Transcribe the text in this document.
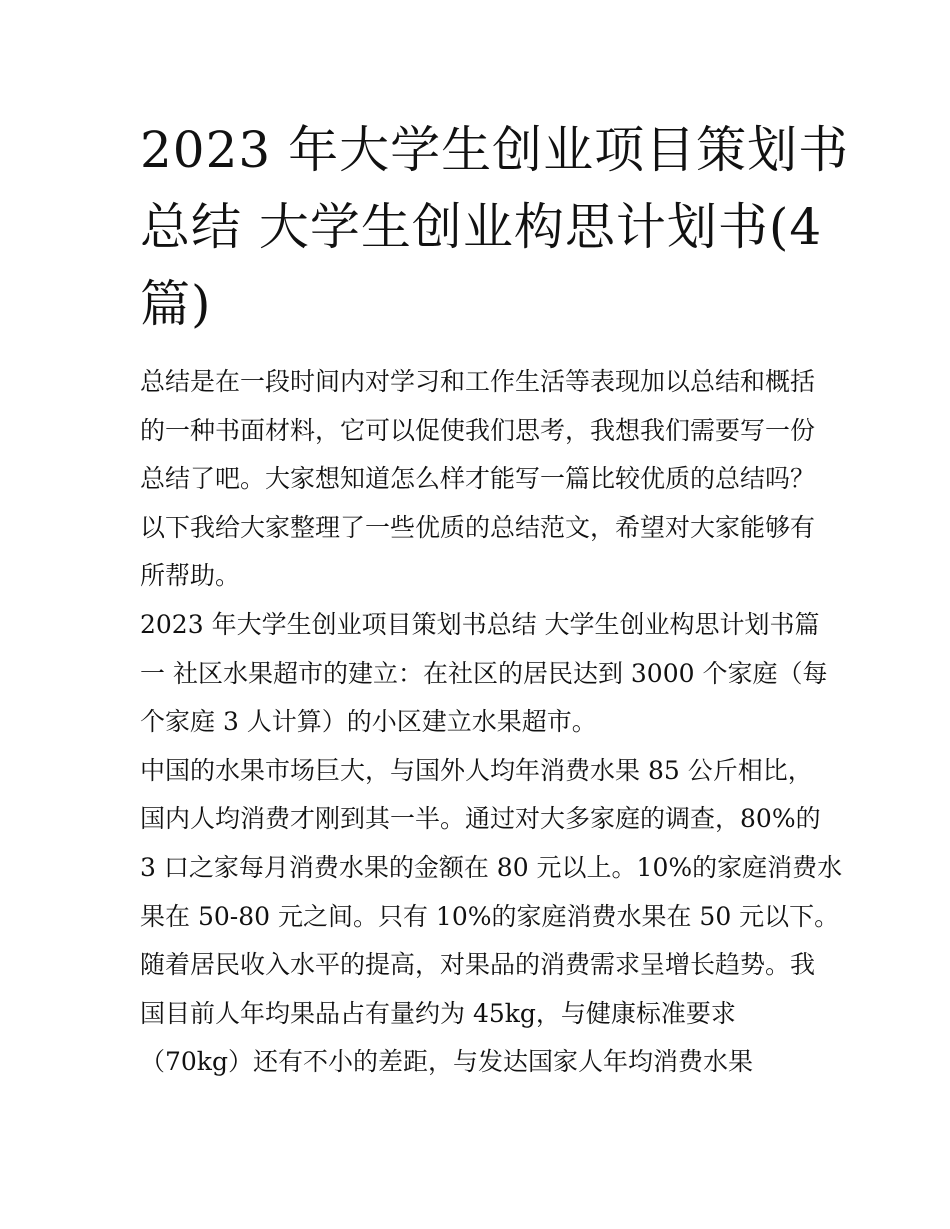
2023 年大学生创业项目策划书
总结 大学生创业构思计划书(4
篇)
总结是在一段时间内对学习和工作生活等表现加以总结和概括
的一种书面材料，它可以促使我们思考，我想我们需要写一份
总结了吧。大家想知道怎么样才能写一篇比较优质的总结吗？
以下我给大家整理了一些优质的总结范文，希望对大家能够有
所帮助。
2023 年大学生创业项目策划书总结 大学生创业构思计划书篇
一 社区水果超市的建立：在社区的居民达到 3000 个家庭（每
个家庭 3 人计算）的小区建立水果超市。
中国的水果市场巨大，与国外人均年消费水果 85 公斤相比，
国内人均消费才刚到其一半。通过对大多家庭的调查，80%的
3 口之家每月消费水果的金额在 80 元以上。10%的家庭消费水
果在 50-80 元之间。只有 10%的家庭消费水果在 50 元以下。
随着居民收入水平的提高，对果品的消费需求呈增长趋势。我
国目前人年均果品占有量约为 45kg，与健康标准要求
（70kg）还有不小的差距，与发达国家人年均消费水果
